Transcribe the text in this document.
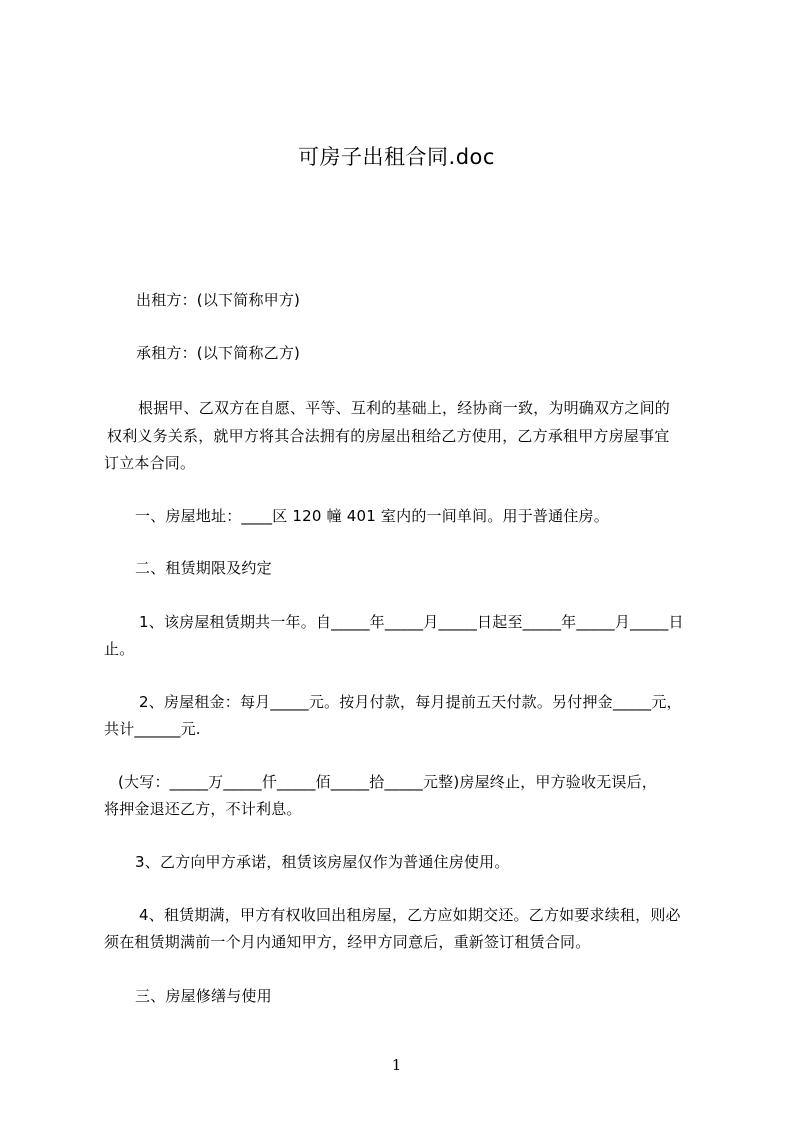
可房子出租合同.doc
出租方：(以下简称甲方)
承租方：(以下简称乙方)
根据甲、乙双方在自愿、平等、互利的基础上，经协商一致，为明确双方之间的
权利义务关系，就甲方将其合法拥有的房屋出租给乙方使用，乙方承租甲方房屋事宜
订立本合同。
一、房屋地址：____区 120 幢 401 室内的一间单间。用于普通住房。
二、租赁期限及约定
1、该房屋租赁期共一年。自_____年_____月_____日起至_____年_____月_____日
止。
2、房屋租金：每月_____元。按月付款，每月提前五天付款。另付押金_____元，
共计______元.
(大写：_____万_____仟_____佰_____拾_____元整)房屋终止，甲方验收无误后，
将押金退还乙方，不计利息。
3、乙方向甲方承诺，租赁该房屋仅作为普通住房使用。
4、租赁期满，甲方有权收回出租房屋，乙方应如期交还。乙方如要求续租，则必
须在租赁期满前一个月内通知甲方，经甲方同意后，重新签订租赁合同。
三、房屋修缮与使用
1
